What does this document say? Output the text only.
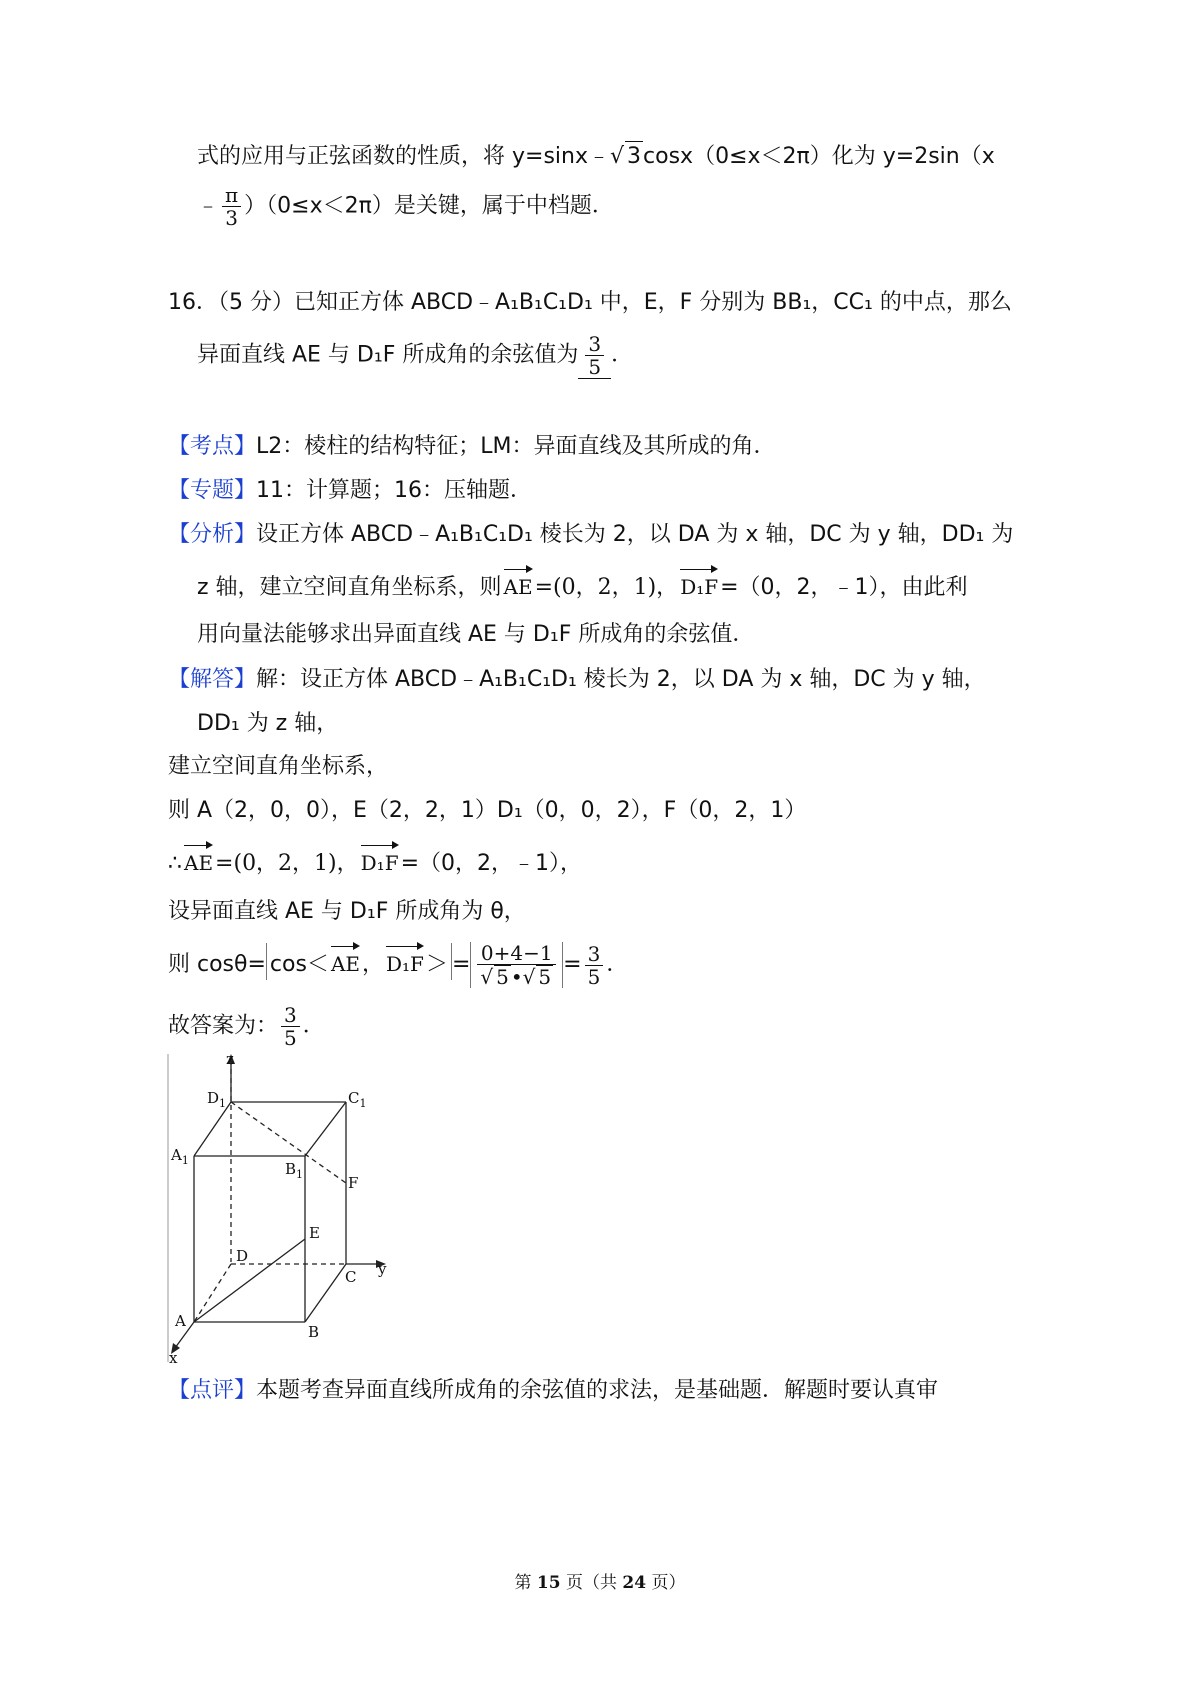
式的应用与正弦函数的性质，将 y=sinx﹣√ 3cosx（0≤x＜2π）化为 y=2sin（x
﹣ $\frac{\pi}{3} )(0\le x<2\pi)$是关键，属于中档题．
16．（5 分）已知正方体 ABCD﹣A₁B₁C₁D₁ 中，E，F 分别为 BB₁，CC₁ 的中点，那么
异面直线 AE 与 D₁F 所成角的余弦值为 $\frac{3}{5}$ ．
【考点】L2：棱柱的结构特征；LM：异面直线及其所成的角．
【专题】11：计算题；16：压轴题．
【分析】设正方体 ABCD﹣A₁B₁C₁D₁ 棱长为 2，以 DA 为 x 轴，DC 为 y 轴，DD₁ 为
z 轴，建立空间直角坐标系，则 AE=(0，2，1)， D₁F=（0，2，﹣1），由此利
用向量法能够求出异面直线 AE 与 D₁F 所成角的余弦值．
【解答】解：设正方体 ABCD﹣A₁B₁C₁D₁ 棱长为 2，以 DA 为 x 轴，DC 为 y 轴，
DD₁ 为 z 轴，
建立空间直角坐标系，
则 A（2，0，0），E（2，2，1）D₁（0，0，2），F（0，2，1）
∴ AE=(0，2，1)， D₁F=（0，2，﹣1），
设异面直线 AE 与 D₁F 所成角为 θ，
则 cosθ= cos＜ AE， $D_1F> = \frac{0+4-1}{√ 5 •√ 5} = \frac{3}{5}$ ．
故答案为： $\frac{3}{5}$ ．
z
$D_1$	$C_1$
$A_1$	$B_1$	F
E
D
C y
A
B
x
【点评】本题考查异面直线所成角的余弦值的求法，是基础题．解题时要认真审
第 15 页（共 24 页）
